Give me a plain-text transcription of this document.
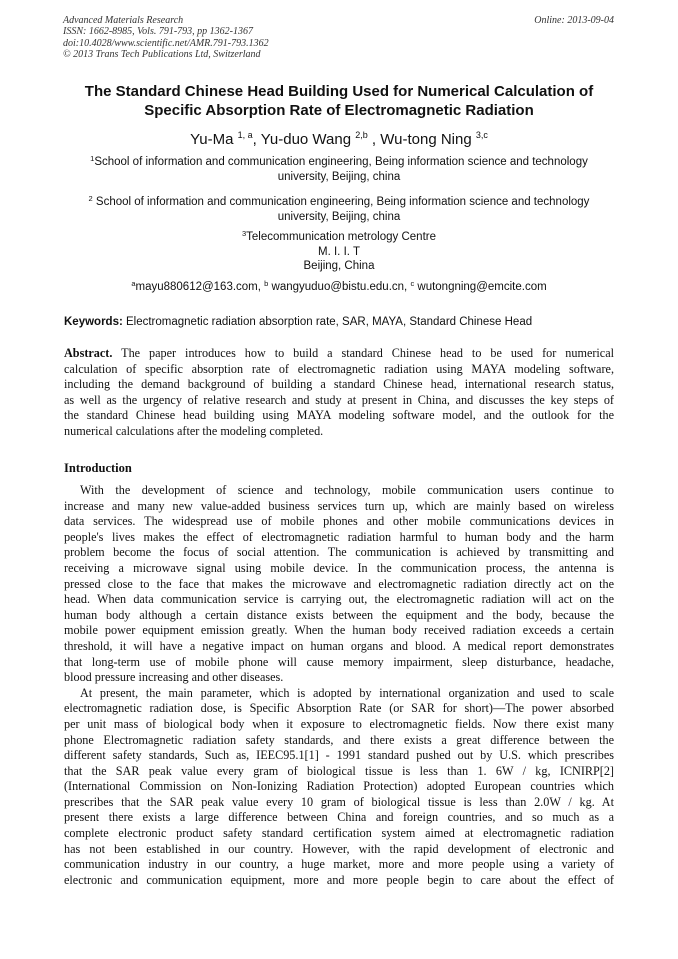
Advanced Materials Research
ISSN: 1662-8985, Vols. 791-793, pp 1362-1367
doi:10.4028/www.scientific.net/AMR.791-793.1362
© 2013 Trans Tech Publications Ltd, Switzerland
Online: 2013-09-04
The Standard Chinese Head Building Used for Numerical Calculation of
Specific Absorption Rate of Electromagnetic Radiation
Yu-Ma $^{1, a}$, Yu-duo Wang $^{2,b}$ , Wu-tong Ning $^{3,c}$
$^1$School of information and communication engineering, Being information science and technology
university, Beijing, china
$^2$ School of information and communication engineering, Being information science and technology
university, Beijing, china
$^3$Telecommunication metrology Centre
M. I. I. T
Beijing, China
$^a$mayu880612@163.com, $^b$ wangyuduo@bistu.edu.cn, $^c$ wutongning@emcite.com
Keywords: Electromagnetic radiation absorption rate, SAR, MAYA, Standard Chinese Head
Abstract. The paper introduces how to build a standard Chinese head to be used for numerical
calculation of specific absorption rate of electromagnetic radiation using MAYA modeling software,
including the demand background of building a standard Chinese head, international research status,
as well as the urgency of relative research and study at present in China, and discusses the key steps of
the standard Chinese head building using MAYA modeling software model, and the outlook for the
numerical calculations after the modeling completed.
Introduction
With the development of science and technology, mobile communication users continue to
increase and many new value-added business services turn up, which are mainly based on wireless
data services. The widespread use of mobile phones and other mobile communications devices in
people's lives makes the effect of electromagnetic radiation harmful to human body and the harm
problem become the focus of social attention. The communication is achieved by transmitting and
receiving a microwave signal using mobile device. In the communication process, the antenna is
pressed close to the face that makes the microwave and electromagnetic radiation directly act on the
head. When data communication service is carrying out, the electromagnetic radiation will act on the
human body although a certain distance exists between the equipment and the body, because the
mobile power equipment emission greatly. When the human body received radiation exceeds a certain
threshold, it will have a negative impact on human organs and blood. A medical report demonstrates
that long-term use of mobile phone will cause memory impairment, sleep disturbance, headache,
blood pressure increasing and other diseases.
At present, the main parameter, which is adopted by international organization and used to scale
electromagnetic radiation dose, is Specific Absorption Rate (or SAR for short)—The power absorbed
per unit mass of biological body when it exposure to electromagnetic fields. Now there exist many
phone Electromagnetic radiation safety standards, and there exists a great difference between the
different safety standards, Such as, IEEC95.1[1] - 1991 standard pushed out by U.S. which prescribes
that the SAR peak value every gram of biological tissue is less than 1. 6W / kg, ICNIRP[2]
(International Commission on Non-Ionizing Radiation Protection) adopted European countries which
prescribes that the SAR peak value every 10 gram of biological tissue is less than 2.0W / kg. At
present there exists a large difference between China and foreign countries, and so much as a
complete electronic product safety standard certification system aimed at electromagnetic radiation
has not been established in our country. However, with the rapid development of electronic and
communication industry in our country, a huge market, more and more people using a variety of
electronic and communication equipment, more and more people begin to care about the effect of
